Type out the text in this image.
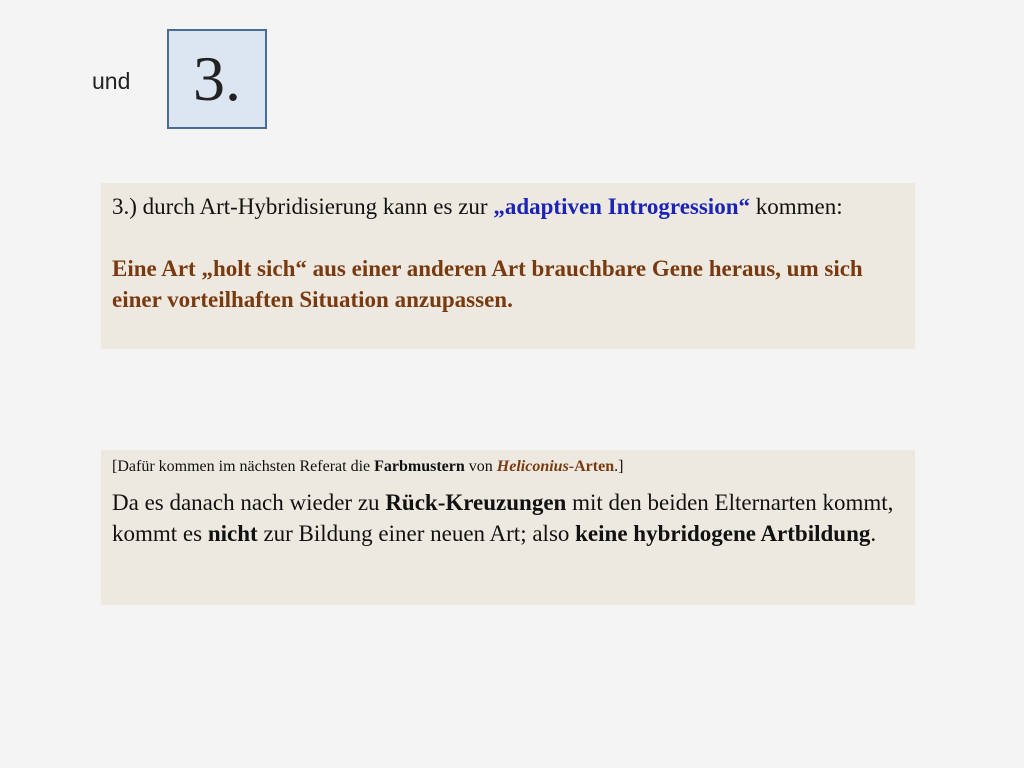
und 3.

3.) durch Art-Hybridisierung kann es zur „adaptiven Introgression“ kommen:

Eine Art „holt sich“ aus einer anderen Art brauchbare Gene heraus, um sich einer vorteilhaften Situation anzupassen.

[Dafür kommen im nächsten Referat die Farbmustern von Heliconius-Arten.]

Da es danach nach wieder zu Rück-Kreuzungen mit den beiden Elternarten kommt, kommt es nicht zur Bildung einer neuen Art; also keine hybridogene Artbildung.
